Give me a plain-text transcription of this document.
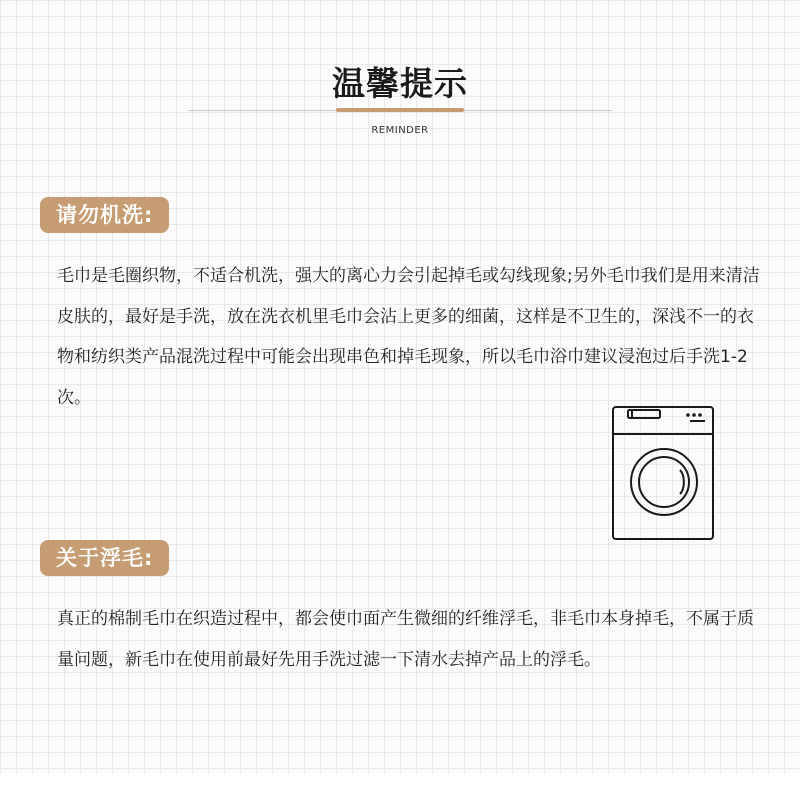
温馨提示
REMINDER
请勿机洗:

毛巾是毛圈织物，不适合机洗，强大的离心力会引起掉毛或勾线现象;另外毛巾我们是用来清洁皮肤的，最好是手洗，放在洗衣机里毛巾会沾上更多的细菌，这样是不卫生的，深浅不一的衣物和纺织类产品混洗过程中可能会出现串色和掉毛现象，所以毛巾浴巾建议浸泡过后手洗1-2次。

关于浮毛:

真正的棉制毛巾在织造过程中，都会使巾面产生微细的纤维浮毛，非毛巾本身掉毛，不属于质量问题，新毛巾在使用前最好先用手洗过滤一下清水去掉产品上的浮毛。
